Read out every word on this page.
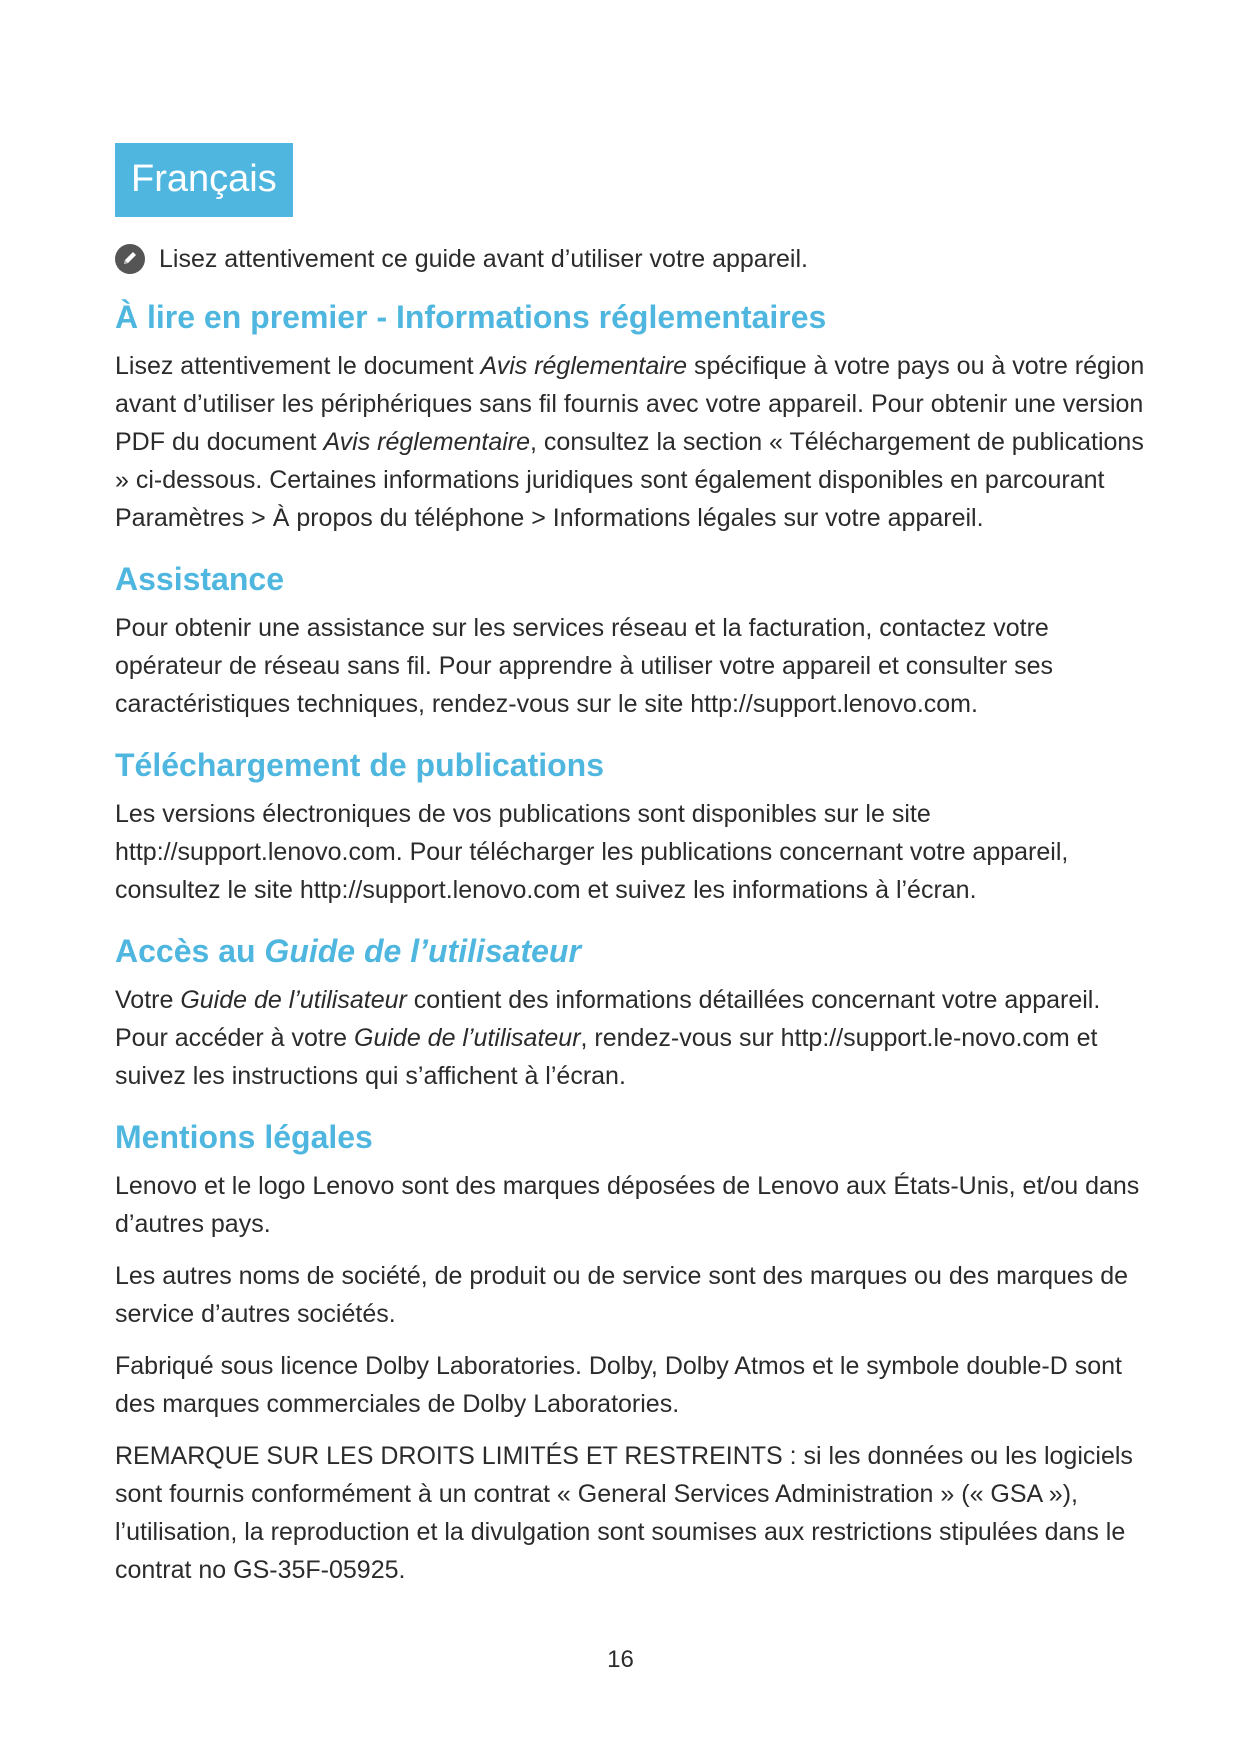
Français
Lisez attentivement ce guide avant d’utiliser votre appareil.
À lire en premier - Informations réglementaires

Lisez attentivement le document Avis réglementaire spécifique à votre pays ou à votre région avant d’utiliser les périphériques sans fil fournis avec votre appareil. Pour obtenir une version PDF du document Avis réglementaire, consultez la section « Téléchargement de publications » ci-dessous. Certaines informations juridiques sont également disponibles en parcourant Paramètres > À propos du téléphone > Informations légales sur votre appareil.

Assistance

Pour obtenir une assistance sur les services réseau et la facturation, contactez votre opérateur de réseau sans fil. Pour apprendre à utiliser votre appareil et consulter ses caractéristiques techniques, rendez-vous sur le site http://support.lenovo.com.

Téléchargement de publications

Les versions électroniques de vos publications sont disponibles sur le site http://support.lenovo.com. Pour télécharger les publications concernant votre appareil, consultez le site http://support.lenovo.com et suivez les informations à l’écran.

Accès au Guide de l’utilisateur

Votre Guide de l’utilisateur contient des informations détaillées concernant votre appareil. Pour accéder à votre Guide de l’utilisateur, rendez-vous sur http://support.le-novo.com et suivez les instructions qui s’affichent à l’écran.

Mentions légales

Lenovo et le logo Lenovo sont des marques déposées de Lenovo aux États-Unis, et/ou dans d’autres pays.

Les autres noms de société, de produit ou de service sont des marques ou des marques de service d’autres sociétés.

Fabriqué sous licence Dolby Laboratories. Dolby, Dolby Atmos et le symbole double-D sont des marques commerciales de Dolby Laboratories.

REMARQUE SUR LES DROITS LIMITÉS ET RESTREINTS : si les données ou les logiciels sont fournis conformément à un contrat « General Services Administration » (« GSA »), l’utilisation, la reproduction et la divulgation sont soumises aux restrictions stipulées dans le contrat no GS-35F-05925.

16
